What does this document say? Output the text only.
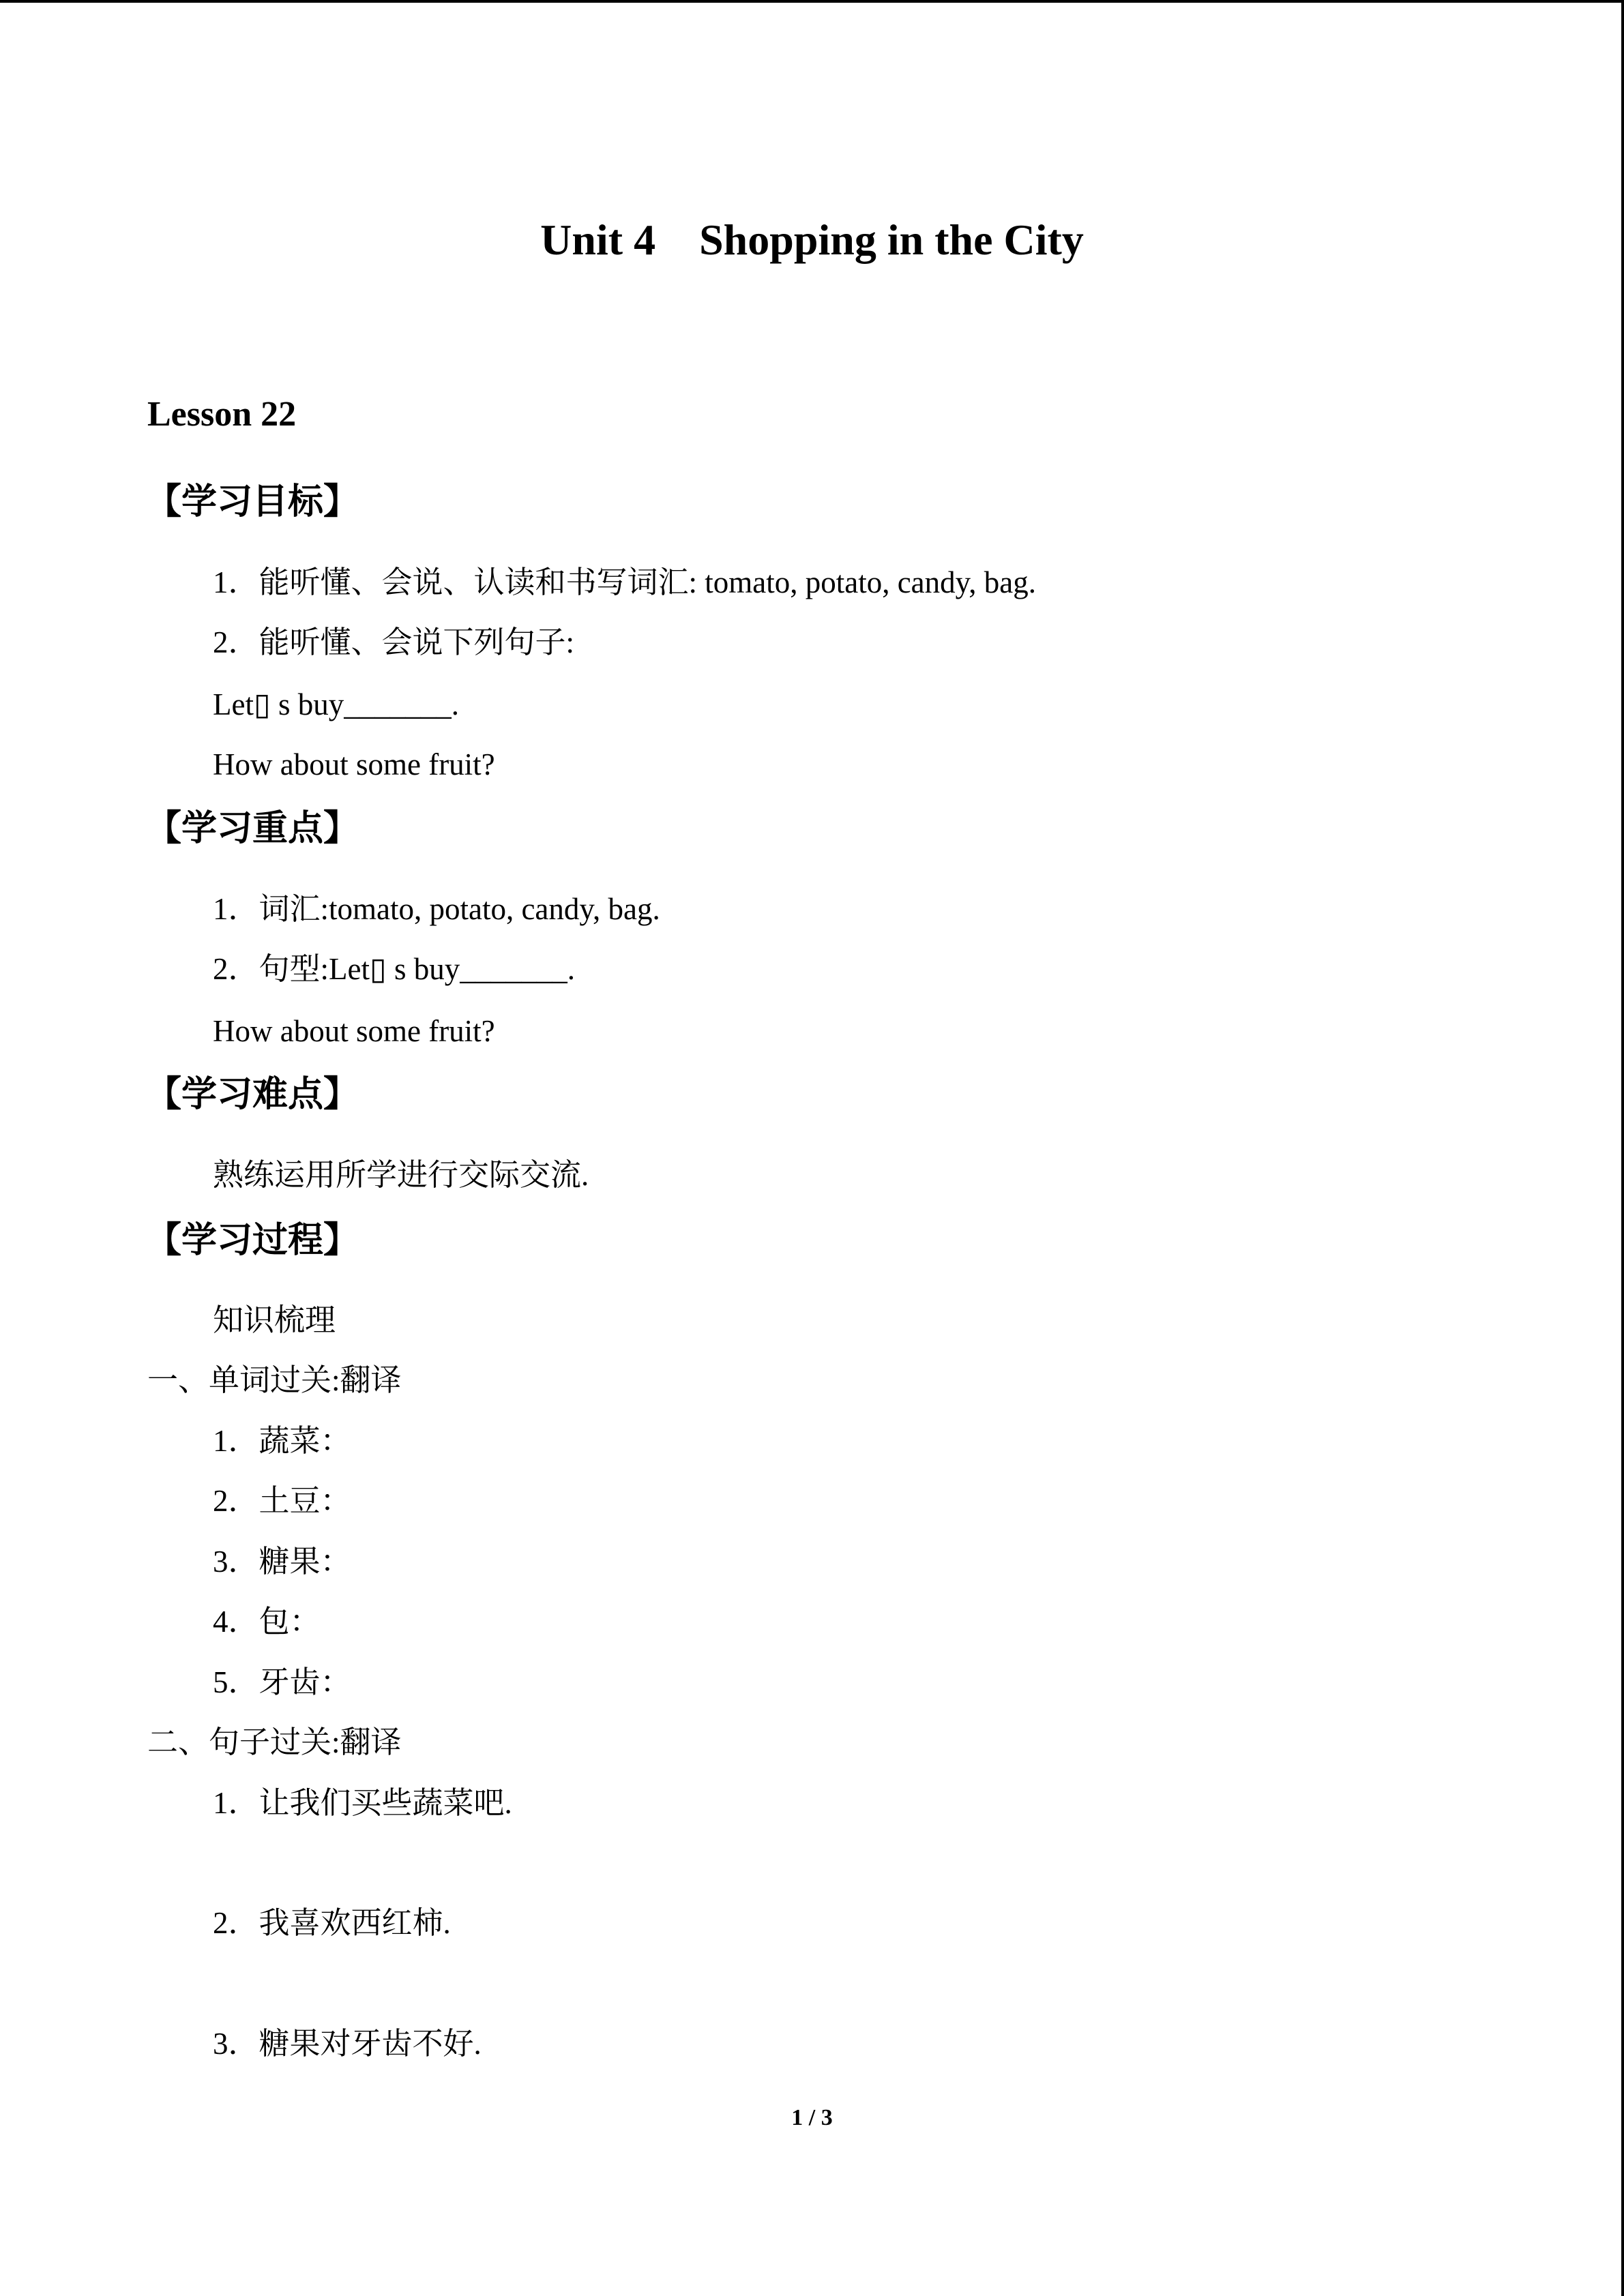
Unit 4    Shopping in the City
Lesson 22
【学习目标】
1．能听懂、会说、认读和书写词汇: tomato, potato, candy, bag.
2．能听懂、会说下列句子:
Let▯ s buy_______.
How about some fruit?
【学习重点】
1．词汇:tomato, potato, candy, bag.
2．句型:Let▯ s buy_______.
How about some fruit?
【学习难点】
熟练运用所学进行交际交流.
【学习过程】
知识梳理
一、单词过关:翻译
1．蔬菜：
2．土豆：
3．糖果：
4．包：
5．牙齿：
二、句子过关:翻译
1．让我们买些蔬菜吧.
2．我喜欢西红柿.
3．糖果对牙齿不好.
1 / 3
